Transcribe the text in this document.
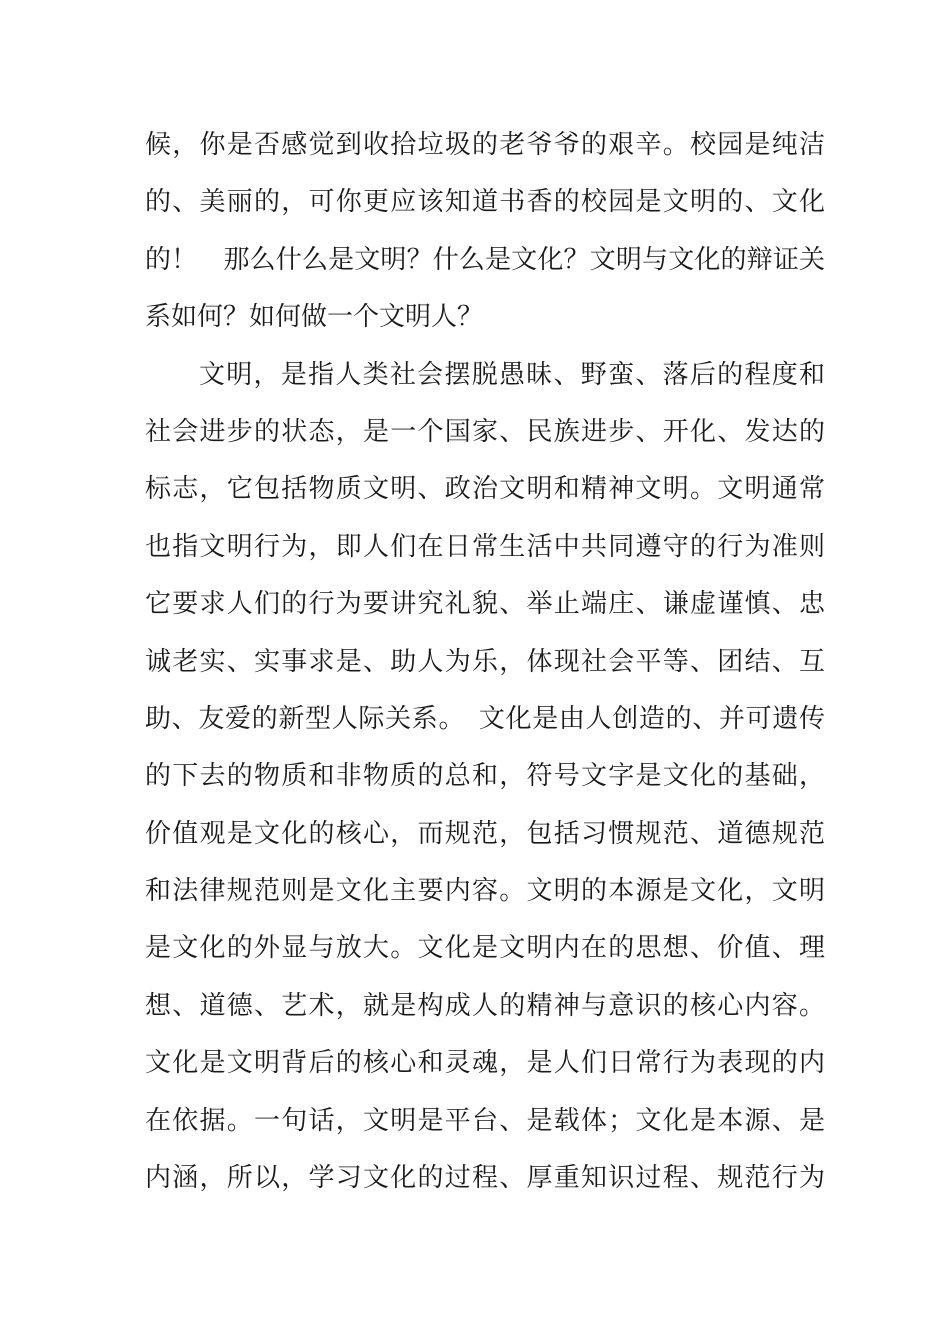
候，你是否感觉到收拾垃圾的老爷爷的艰辛。校园是纯洁
的、美丽的，可你更应该知道书香的校园是文明的、文化
的！　那么什么是文明？什么是文化？文明与文化的辩证关
系如何？如何做一个文明人？
文明，是指人类社会摆脱愚昧、野蛮、落后的程度和
社会进步的状态，是一个国家、民族进步、开化、发达的
标志，它包括物质文明、政治文明和精神文明。文明通常
也指文明行为，即人们在日常生活中共同遵守的行为准则
它要求人们的行为要讲究礼貌、举止端庄、谦虚谨慎、忠
诚老实、实事求是、助人为乐，体现社会平等、团结、互
助、友爱的新型人际关系。　文化是由人创造的、并可遗传
的下去的物质和非物质的总和，符号文字是文化的基础，
价值观是文化的核心，而规范，包括习惯规范、道德规范
和法律规范则是文化主要内容。文明的本源是文化，文明
是文化的外显与放大。文化是文明内在的思想、价值、理
想、道德、艺术，就是构成人的精神与意识的核心内容。
文化是文明背后的核心和灵魂，是人们日常行为表现的内
在依据。一句话，文明是平台、是载体；文化是本源、是
内涵，所以，学习文化的过程、厚重知识过程、规范行为
